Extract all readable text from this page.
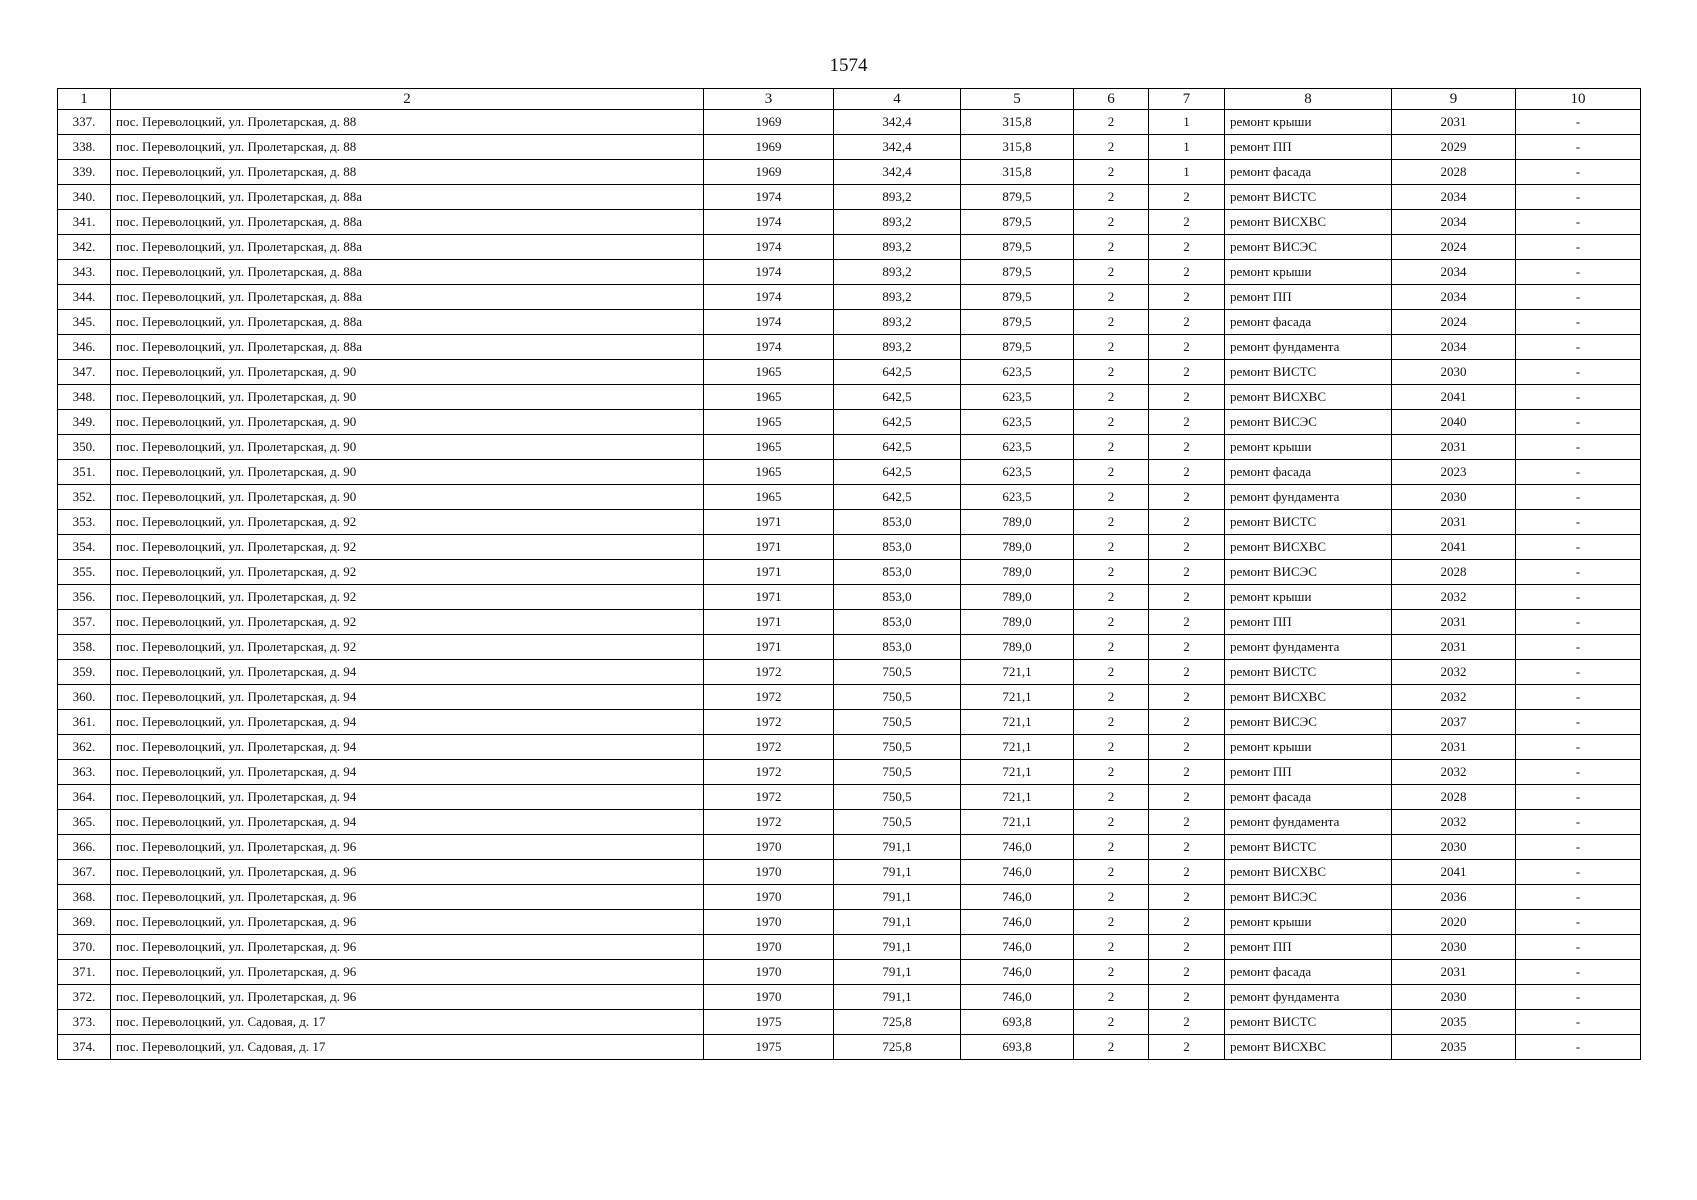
1574
1	2	3	4	5	6	7	8	9	10
337.	пос. Переволоцкий, ул. Пролетарская, д. 88	1969	342,4	315,8	2	1	ремонт крыши	2031	-
338.	пос. Переволоцкий, ул. Пролетарская, д. 88	1969	342,4	315,8	2	1	ремонт ПП	2029	-
339.	пос. Переволоцкий, ул. Пролетарская, д. 88	1969	342,4	315,8	2	1	ремонт фасада	2028	-
340.	пос. Переволоцкий, ул. Пролетарская, д. 88а	1974	893,2	879,5	2	2	ремонт ВИСТС	2034	-
341.	пос. Переволоцкий, ул. Пролетарская, д. 88а	1974	893,2	879,5	2	2	ремонт ВИСХВС	2034	-
342.	пос. Переволоцкий, ул. Пролетарская, д. 88а	1974	893,2	879,5	2	2	ремонт ВИСЭС	2024	-
343.	пос. Переволоцкий, ул. Пролетарская, д. 88а	1974	893,2	879,5	2	2	ремонт крыши	2034	-
344.	пос. Переволоцкий, ул. Пролетарская, д. 88а	1974	893,2	879,5	2	2	ремонт ПП	2034	-
345.	пос. Переволоцкий, ул. Пролетарская, д. 88а	1974	893,2	879,5	2	2	ремонт фасада	2024	-
346.	пос. Переволоцкий, ул. Пролетарская, д. 88а	1974	893,2	879,5	2	2	ремонт фундамента	2034	-
347.	пос. Переволоцкий, ул. Пролетарская, д. 90	1965	642,5	623,5	2	2	ремонт ВИСТС	2030	-
348.	пос. Переволоцкий, ул. Пролетарская, д. 90	1965	642,5	623,5	2	2	ремонт ВИСХВС	2041	-
349.	пос. Переволоцкий, ул. Пролетарская, д. 90	1965	642,5	623,5	2	2	ремонт ВИСЭС	2040	-
350.	пос. Переволоцкий, ул. Пролетарская, д. 90	1965	642,5	623,5	2	2	ремонт крыши	2031	-
351.	пос. Переволоцкий, ул. Пролетарская, д. 90	1965	642,5	623,5	2	2	ремонт фасада	2023	-
352.	пос. Переволоцкий, ул. Пролетарская, д. 90	1965	642,5	623,5	2	2	ремонт фундамента	2030	-
353.	пос. Переволоцкий, ул. Пролетарская, д. 92	1971	853,0	789,0	2	2	ремонт ВИСТС	2031	-
354.	пос. Переволоцкий, ул. Пролетарская, д. 92	1971	853,0	789,0	2	2	ремонт ВИСХВС	2041	-
355.	пос. Переволоцкий, ул. Пролетарская, д. 92	1971	853,0	789,0	2	2	ремонт ВИСЭС	2028	-
356.	пос. Переволоцкий, ул. Пролетарская, д. 92	1971	853,0	789,0	2	2	ремонт крыши	2032	-
357.	пос. Переволоцкий, ул. Пролетарская, д. 92	1971	853,0	789,0	2	2	ремонт ПП	2031	-
358.	пос. Переволоцкий, ул. Пролетарская, д. 92	1971	853,0	789,0	2	2	ремонт фундамента	2031	-
359.	пос. Переволоцкий, ул. Пролетарская, д. 94	1972	750,5	721,1	2	2	ремонт ВИСТС	2032	-
360.	пос. Переволоцкий, ул. Пролетарская, д. 94	1972	750,5	721,1	2	2	ремонт ВИСХВС	2032	-
361.	пос. Переволоцкий, ул. Пролетарская, д. 94	1972	750,5	721,1	2	2	ремонт ВИСЭС	2037	-
362.	пос. Переволоцкий, ул. Пролетарская, д. 94	1972	750,5	721,1	2	2	ремонт крыши	2031	-
363.	пос. Переволоцкий, ул. Пролетарская, д. 94	1972	750,5	721,1	2	2	ремонт ПП	2032	-
364.	пос. Переволоцкий, ул. Пролетарская, д. 94	1972	750,5	721,1	2	2	ремонт фасада	2028	-
365.	пос. Переволоцкий, ул. Пролетарская, д. 94	1972	750,5	721,1	2	2	ремонт фундамента	2032	-
366.	пос. Переволоцкий, ул. Пролетарская, д. 96	1970	791,1	746,0	2	2	ремонт ВИСТС	2030	-
367.	пос. Переволоцкий, ул. Пролетарская, д. 96	1970	791,1	746,0	2	2	ремонт ВИСХВС	2041	-
368.	пос. Переволоцкий, ул. Пролетарская, д. 96	1970	791,1	746,0	2	2	ремонт ВИСЭС	2036	-
369.	пос. Переволоцкий, ул. Пролетарская, д. 96	1970	791,1	746,0	2	2	ремонт крыши	2020	-
370.	пос. Переволоцкий, ул. Пролетарская, д. 96	1970	791,1	746,0	2	2	ремонт ПП	2030	-
371.	пос. Переволоцкий, ул. Пролетарская, д. 96	1970	791,1	746,0	2	2	ремонт фасада	2031	-
372.	пос. Переволоцкий, ул. Пролетарская, д. 96	1970	791,1	746,0	2	2	ремонт фундамента	2030	-
373.	пос. Переволоцкий, ул. Садовая, д. 17	1975	725,8	693,8	2	2	ремонт ВИСТС	2035	-
374.	пос. Переволоцкий, ул. Садовая, д. 17	1975	725,8	693,8	2	2	ремонт ВИСХВС	2035	-
